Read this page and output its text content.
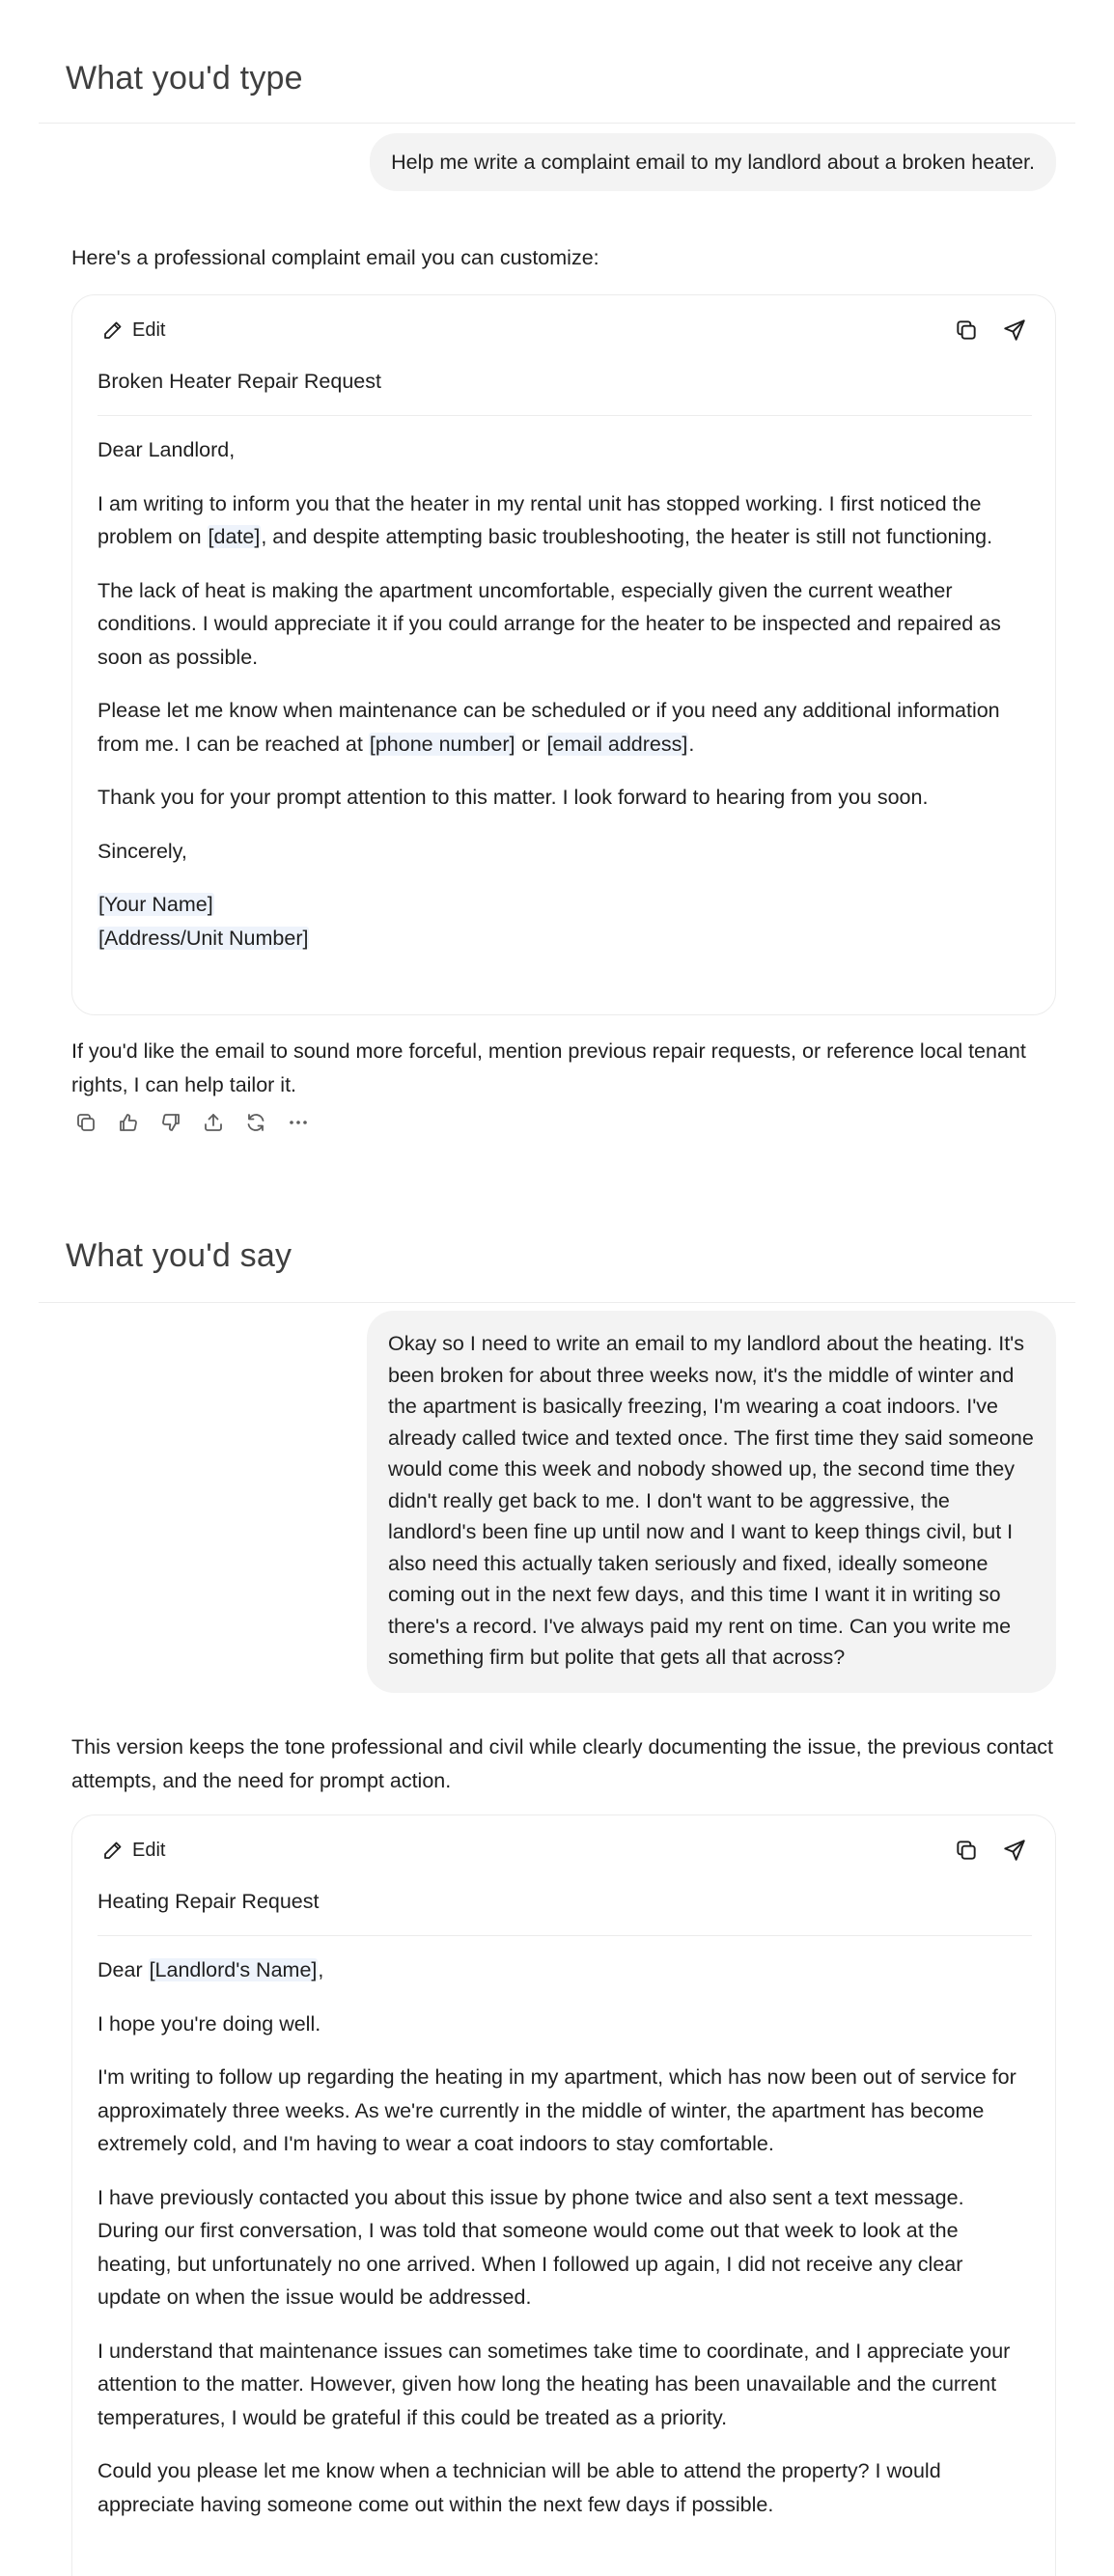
What you'd type
Help me write a complaint email to my landlord about a broken heater.
Here's a professional complaint email you can customize:
Edit
Broken Heater Repair Request

Dear Landlord,

I am writing to inform you that the heater in my rental unit has stopped working. I first noticed the problem on [date], and despite attempting basic troubleshooting, the heater is still not functioning.

The lack of heat is making the apartment uncomfortable, especially given the current weather conditions. I would appreciate it if you could arrange for the heater to be inspected and repaired as soon as possible.

Please let me know when maintenance can be scheduled or if you need any additional information from me. I can be reached at [phone number] or [email address].

Thank you for your prompt attention to this matter. I look forward to hearing from you soon.

Sincerely,

[Your Name]
[Address/Unit Number]
If you'd like the email to sound more forceful, mention previous repair requests, or reference local tenant rights, I can help tailor it.
What you'd say
Okay so I need to write an email to my landlord about the heating. It's been broken for about three weeks now, it's the middle of winter and the apartment is basically freezing, I'm wearing a coat indoors. I've already called twice and texted once. The first time they said someone would come this week and nobody showed up, the second time they didn't really get back to me. I don't want to be aggressive, the landlord's been fine up until now and I want to keep things civil, but I also need this actually taken seriously and fixed, ideally someone coming out in the next few days, and this time I want it in writing so there's a record. I've always paid my rent on time. Can you write me something firm but polite that gets all that across?
This version keeps the tone professional and civil while clearly documenting the issue, the previous contact attempts, and the need for prompt action.
Edit
Heating Repair Request

Dear [Landlord's Name],

I hope you're doing well.

I'm writing to follow up regarding the heating in my apartment, which has now been out of service for approximately three weeks. As we're currently in the middle of winter, the apartment has become extremely cold, and I'm having to wear a coat indoors to stay comfortable.

I have previously contacted you about this issue by phone twice and also sent a text message. During our first conversation, I was told that someone would come out that week to look at the heating, but unfortunately no one arrived. When I followed up again, I did not receive any clear update on when the issue would be addressed.

I understand that maintenance issues can sometimes take time to coordinate, and I appreciate your attention to the matter. However, given how long the heating has been unavailable and the current temperatures, I would be grateful if this could be treated as a priority.

Could you please let me know when a technician will be able to attend the property? I would appreciate having someone come out within the next few days if possible.
